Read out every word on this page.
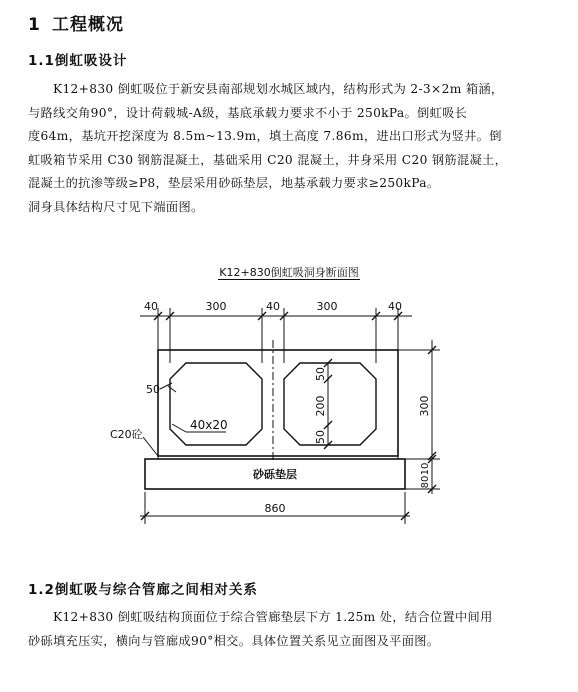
1 工程概况
1.1倒虹吸设计
K12+830 倒虹吸位于新安县南部规划水城区域内，结构形式为 2-3×2m 箱涵，
与路线交角90°，设计荷载城-A级，基底承载力要求不小于 250kPa。倒虹吸长
度64m，基坑开挖深度为 8.5m~13.9m，填土高度 7.86m，进出口形式为竖井。倒
虹吸箱节采用 C30 钢筋混凝土，基础采用 C20 混凝土，井身采用 C20 钢筋混凝土，
混凝土的抗渗等级≥P8，垫层采用砂砾垫层，地基承载力要求≥250kPa。
洞身具体结构尺寸见下端面图。
K12+830倒虹吸洞身断面图
40	300	40	300	40
50
40x20
50
200
50
300
10
80
860
C20砼
砂砾垫层
1.2倒虹吸与综合管廊之间相对关系
K12+830 倒虹吸结构顶面位于综合管廊垫层下方 1.25m 处，结合位置中间用
砂砾填充压实，横向与管廊成90°相交。具体位置关系见立面图及平面图。
